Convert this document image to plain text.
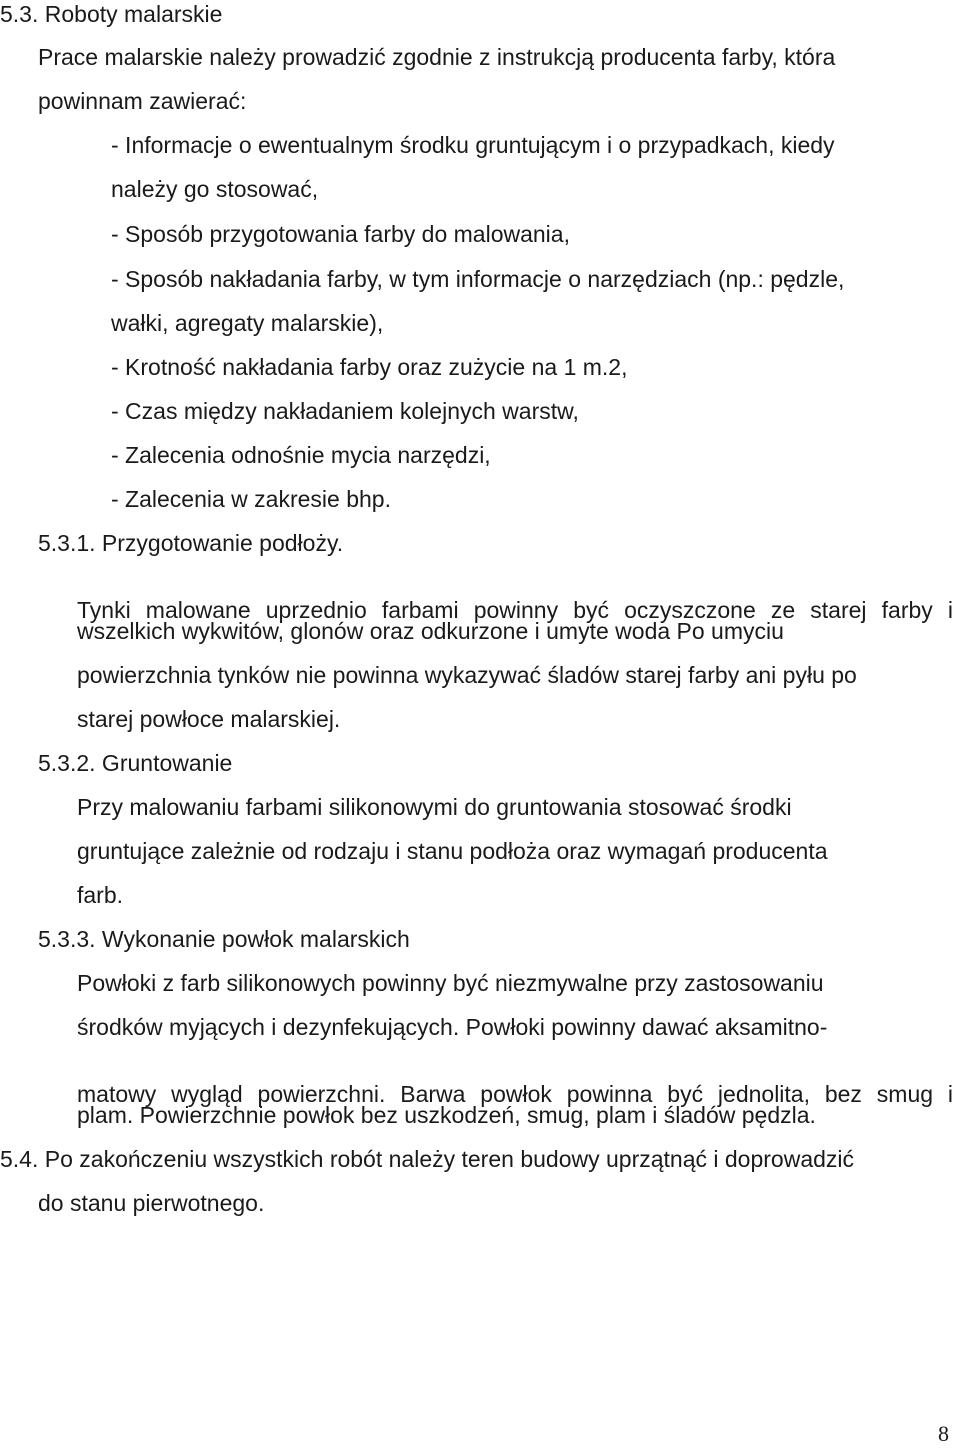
5.3. Roboty malarskie

Prace malarskie należy prowadzić zgodnie z instrukcją producenta farby, która

powinnam zawierać:

- Informacje o ewentualnym środku gruntującym i o przypadkach, kiedy

należy go stosować,

- Sposób przygotowania farby do malowania,

- Sposób nakładania farby, w tym informacje o narzędziach (np.: pędzle,

wałki, agregaty malarskie),

- Krotność nakładania farby oraz zużycie na 1 m.2,

- Czas między nakładaniem kolejnych warstw,

- Zalecenia odnośnie mycia narzędzi,

- Zalecenia w zakresie bhp.

5.3.1. Przygotowanie podłoży.

Tynki malowane uprzednio farbami powinny być oczyszczone ze starej farby i

wszelkich wykwitów, glonów oraz odkurzone i umyte woda Po umyciu

powierzchnia tynków nie powinna wykazywać śladów starej farby ani pyłu po

starej powłoce malarskiej.

5.3.2. Gruntowanie

Przy malowaniu farbami silikonowymi do gruntowania stosować środki

gruntujące zależnie od rodzaju i stanu podłoża oraz wymagań producenta

farb.

5.3.3. Wykonanie powłok malarskich

Powłoki z farb silikonowych powinny być niezmywalne przy zastosowaniu

środków myjących i dezynfekujących. Powłoki powinny dawać aksamitno-

matowy wygląd powierzchni. Barwa powłok powinna być jednolita, bez smug i

plam. Powierzchnie powłok bez uszkodzeń, smug, plam i śladów pędzla.

5.4. Po zakończeniu wszystkich robót należy teren budowy uprzątnąć i doprowadzić

do stanu pierwotnego.

8
